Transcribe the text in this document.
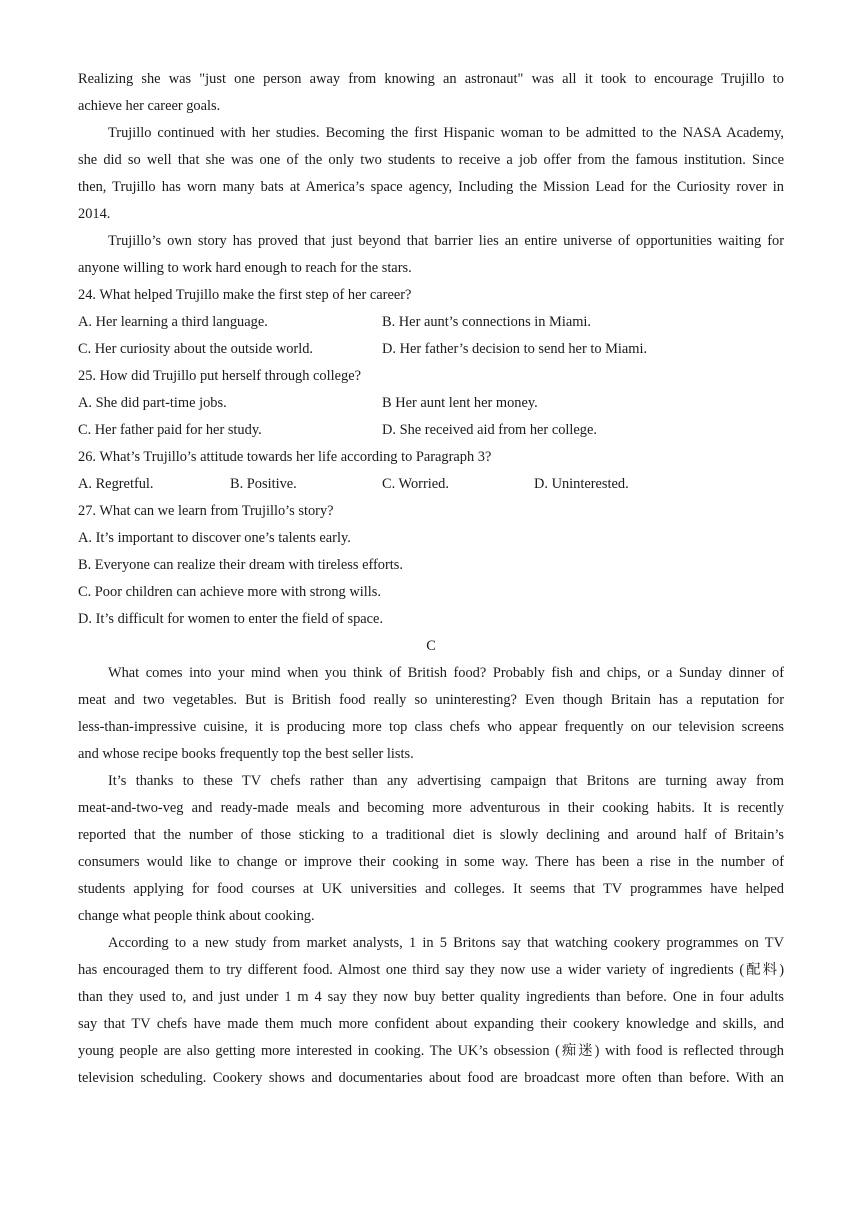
Realizing she was "just one person away from knowing an astronaut" was all it took to encourage Trujillo to
achieve her career goals.
Trujillo continued with her studies. Becoming the first Hispanic woman to be admitted to the NASA Academy,
she did so well that she was one of the only two students to receive a job offer from the famous institution. Since
then, Trujillo has worn many bats at America’s space agency, Including the Mission Lead for the Curiosity rover in
2014.
Trujillo’s own story has proved that just beyond that barrier lies an entire universe of opportunities waiting for
anyone willing to work hard enough to reach for the stars.
24. What helped Trujillo make the first step of her career?
A. Her learning a third language.	B. Her aunt’s connections in Miami.
C. Her curiosity about the outside world.	D. Her father’s decision to send her to Miami.
25. How did Trujillo put herself through college?
A. She did part-time jobs.	B Her aunt lent her money.
C. Her father paid for her study.	D. She received aid from her college.
26. What’s Trujillo’s attitude towards her life according to Paragraph 3?
A. Regretful.	B. Positive.	C. Worried.	D. Uninterested.
27. What can we learn from Trujillo’s story?
A. It’s important to discover one’s talents early.
B. Everyone can realize their dream with tireless efforts.
C. Poor children can achieve more with strong wills.
D. It’s difficult for women to enter the field of space.
C
What comes into your mind when you think of British food? Probably fish and chips, or a Sunday dinner of
meat and two vegetables. But is British food really so uninteresting? Even though Britain has a reputation for
less-than-impressive cuisine, it is producing more top class chefs who appear frequently on our television screens
and whose recipe books frequently top the best seller lists.
It’s thanks to these TV chefs rather than any advertising campaign that Britons are turning away from
meat-and-two-veg and ready-made meals and becoming more adventurous in their cooking habits. It is recently
reported that the number of those sticking to a traditional diet is slowly declining and around half of Britain’s
consumers would like to change or improve their cooking in some way. There has been a rise in the number of
students applying for food courses at UK universities and colleges. It seems that TV programmes have helped
change what people think about cooking.
According to a new study from market analysts, 1 in 5 Britons say that watching cookery programmes on TV
has encouraged them to try different food. Almost one third say they now use a wider variety of ingredients (配料)
than they used to, and just under 1 m 4 say they now buy better quality ingredients than before. One in four adults
say that TV chefs have made them much more confident about expanding their cookery knowledge and skills, and
young people are also getting more interested in cooking. The UK’s obsession (痴迷) with food is reflected through
television scheduling. Cookery shows and documentaries about food are broadcast more often than before. With an
